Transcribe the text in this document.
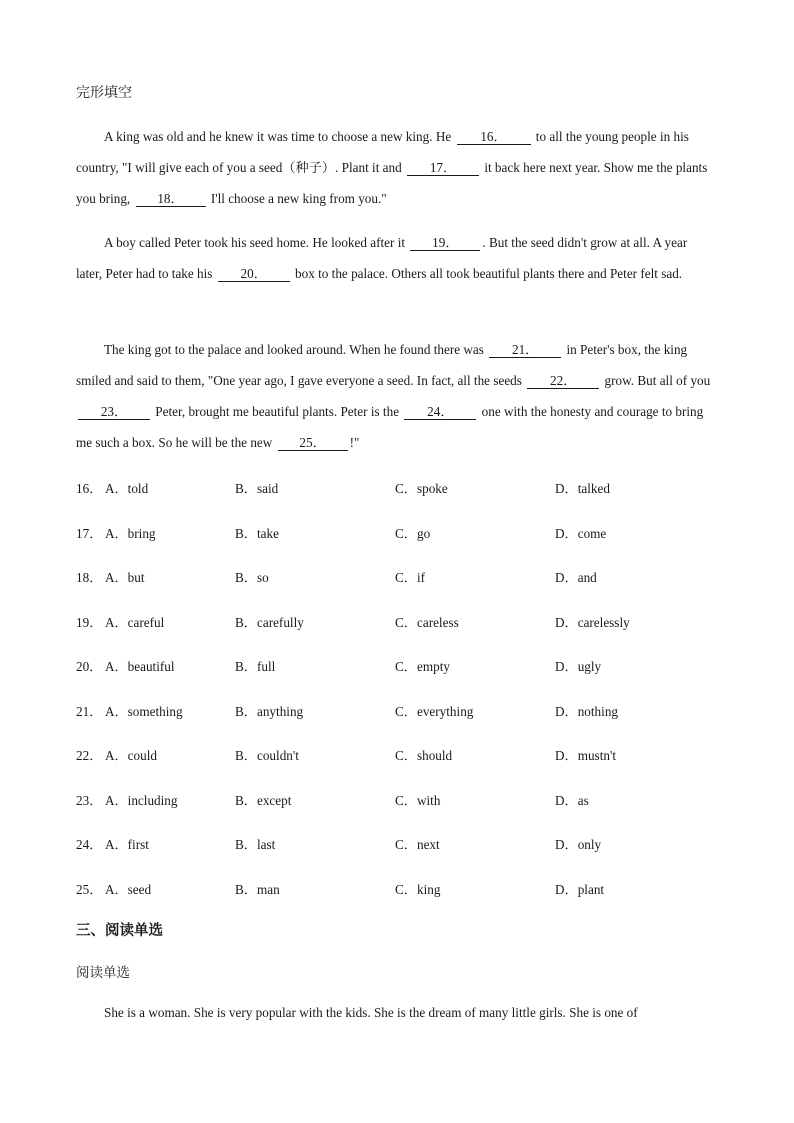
完形填空
A king was old and he knew it was time to choose a new king. He 16． to all the young people in his country, "I will give each of you a seed（种子）. Plant it and 17． it back here next year. Show me the plants you bring, 18． I'll choose a new king from you."
A boy called Peter took his seed home. He looked after it 19． . But the seed didn't grow at all. A year later, Peter had to take his 20． box to the palace. Others all took beautiful plants there and Peter felt sad.
The king got to the palace and looked around. When he found there was 21． in Peter's box, the king smiled and said to them, "One year ago, I gave everyone a seed. In fact, all the seeds 22． grow. But all of you 23． Peter, brought me beautiful plants. Peter is the 24． one with the honesty and courage to bring me such a box. So he will be the new 25． !"
16． A．told	B．said	C．spoke	D．talked
17． A．bring	B．take	C．go	D．come
18． A．but	B．so	C．if	D．and
19． A．careful	B．carefully	C．careless	D．carelessly
20． A．beautiful	B．full	C．empty	D．ugly
21． A．something	B．anything	C．everything	D．nothing
22． A．could	B．couldn't	C．should	D．mustn't
23． A．including	B．except	C．with	D．as
24． A．first	B．last	C．next	D．only
25． A．seed	B．man	C．king	D．plant
三、阅读单选
阅读单选
She is a woman. She is very popular with the kids. She is the dream of many little girls. She is one of
